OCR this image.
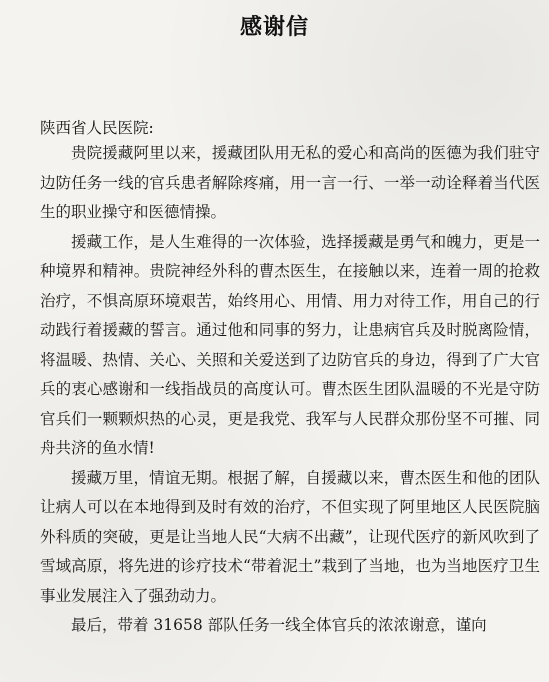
感谢信
陕西省人民医院:

贵院援藏阿里以来，援藏团队用无私的爱心和高尚的医德为我们驻守边防任务一线的官兵患者解除疼痛，用一言一行、一举一动诠释着当代医生的职业操守和医德情操。

援藏工作，是人生难得的一次体验，选择援藏是勇气和魄力，更是一种境界和精神。贵院神经外科的曹杰医生，在接触以来，连着一周的抢救治疗，不惧高原环境艰苦，始终用心、用情、用力对待工作，用自己的行动践行着援藏的誓言。通过他和同事的努力，让患病官兵及时脱离险情，将温暖、热情、关心、关照和关爱送到了边防官兵的身边，得到了广大官兵的衷心感谢和一线指战员的高度认可。曹杰医生团队温暖的不光是守防官兵们一颗颗炽热的心灵，更是我党、我军与人民群众那份坚不可摧、同舟共济的鱼水情!

援藏万里，情谊无期。根据了解，自援藏以来，曹杰医生和他的团队让病人可以在本地得到及时有效的治疗，不但实现了阿里地区人民医院脑外科质的突破，更是让当地人民“大病不出藏”，让现代医疗的新风吹到了雪域高原，将先进的诊疗技术“带着泥土”栽到了当地，也为当地医疗卫生事业发展注入了强劲动力。

最后，带着 31658 部队任务一线全体官兵的浓浓谢意，谨向
